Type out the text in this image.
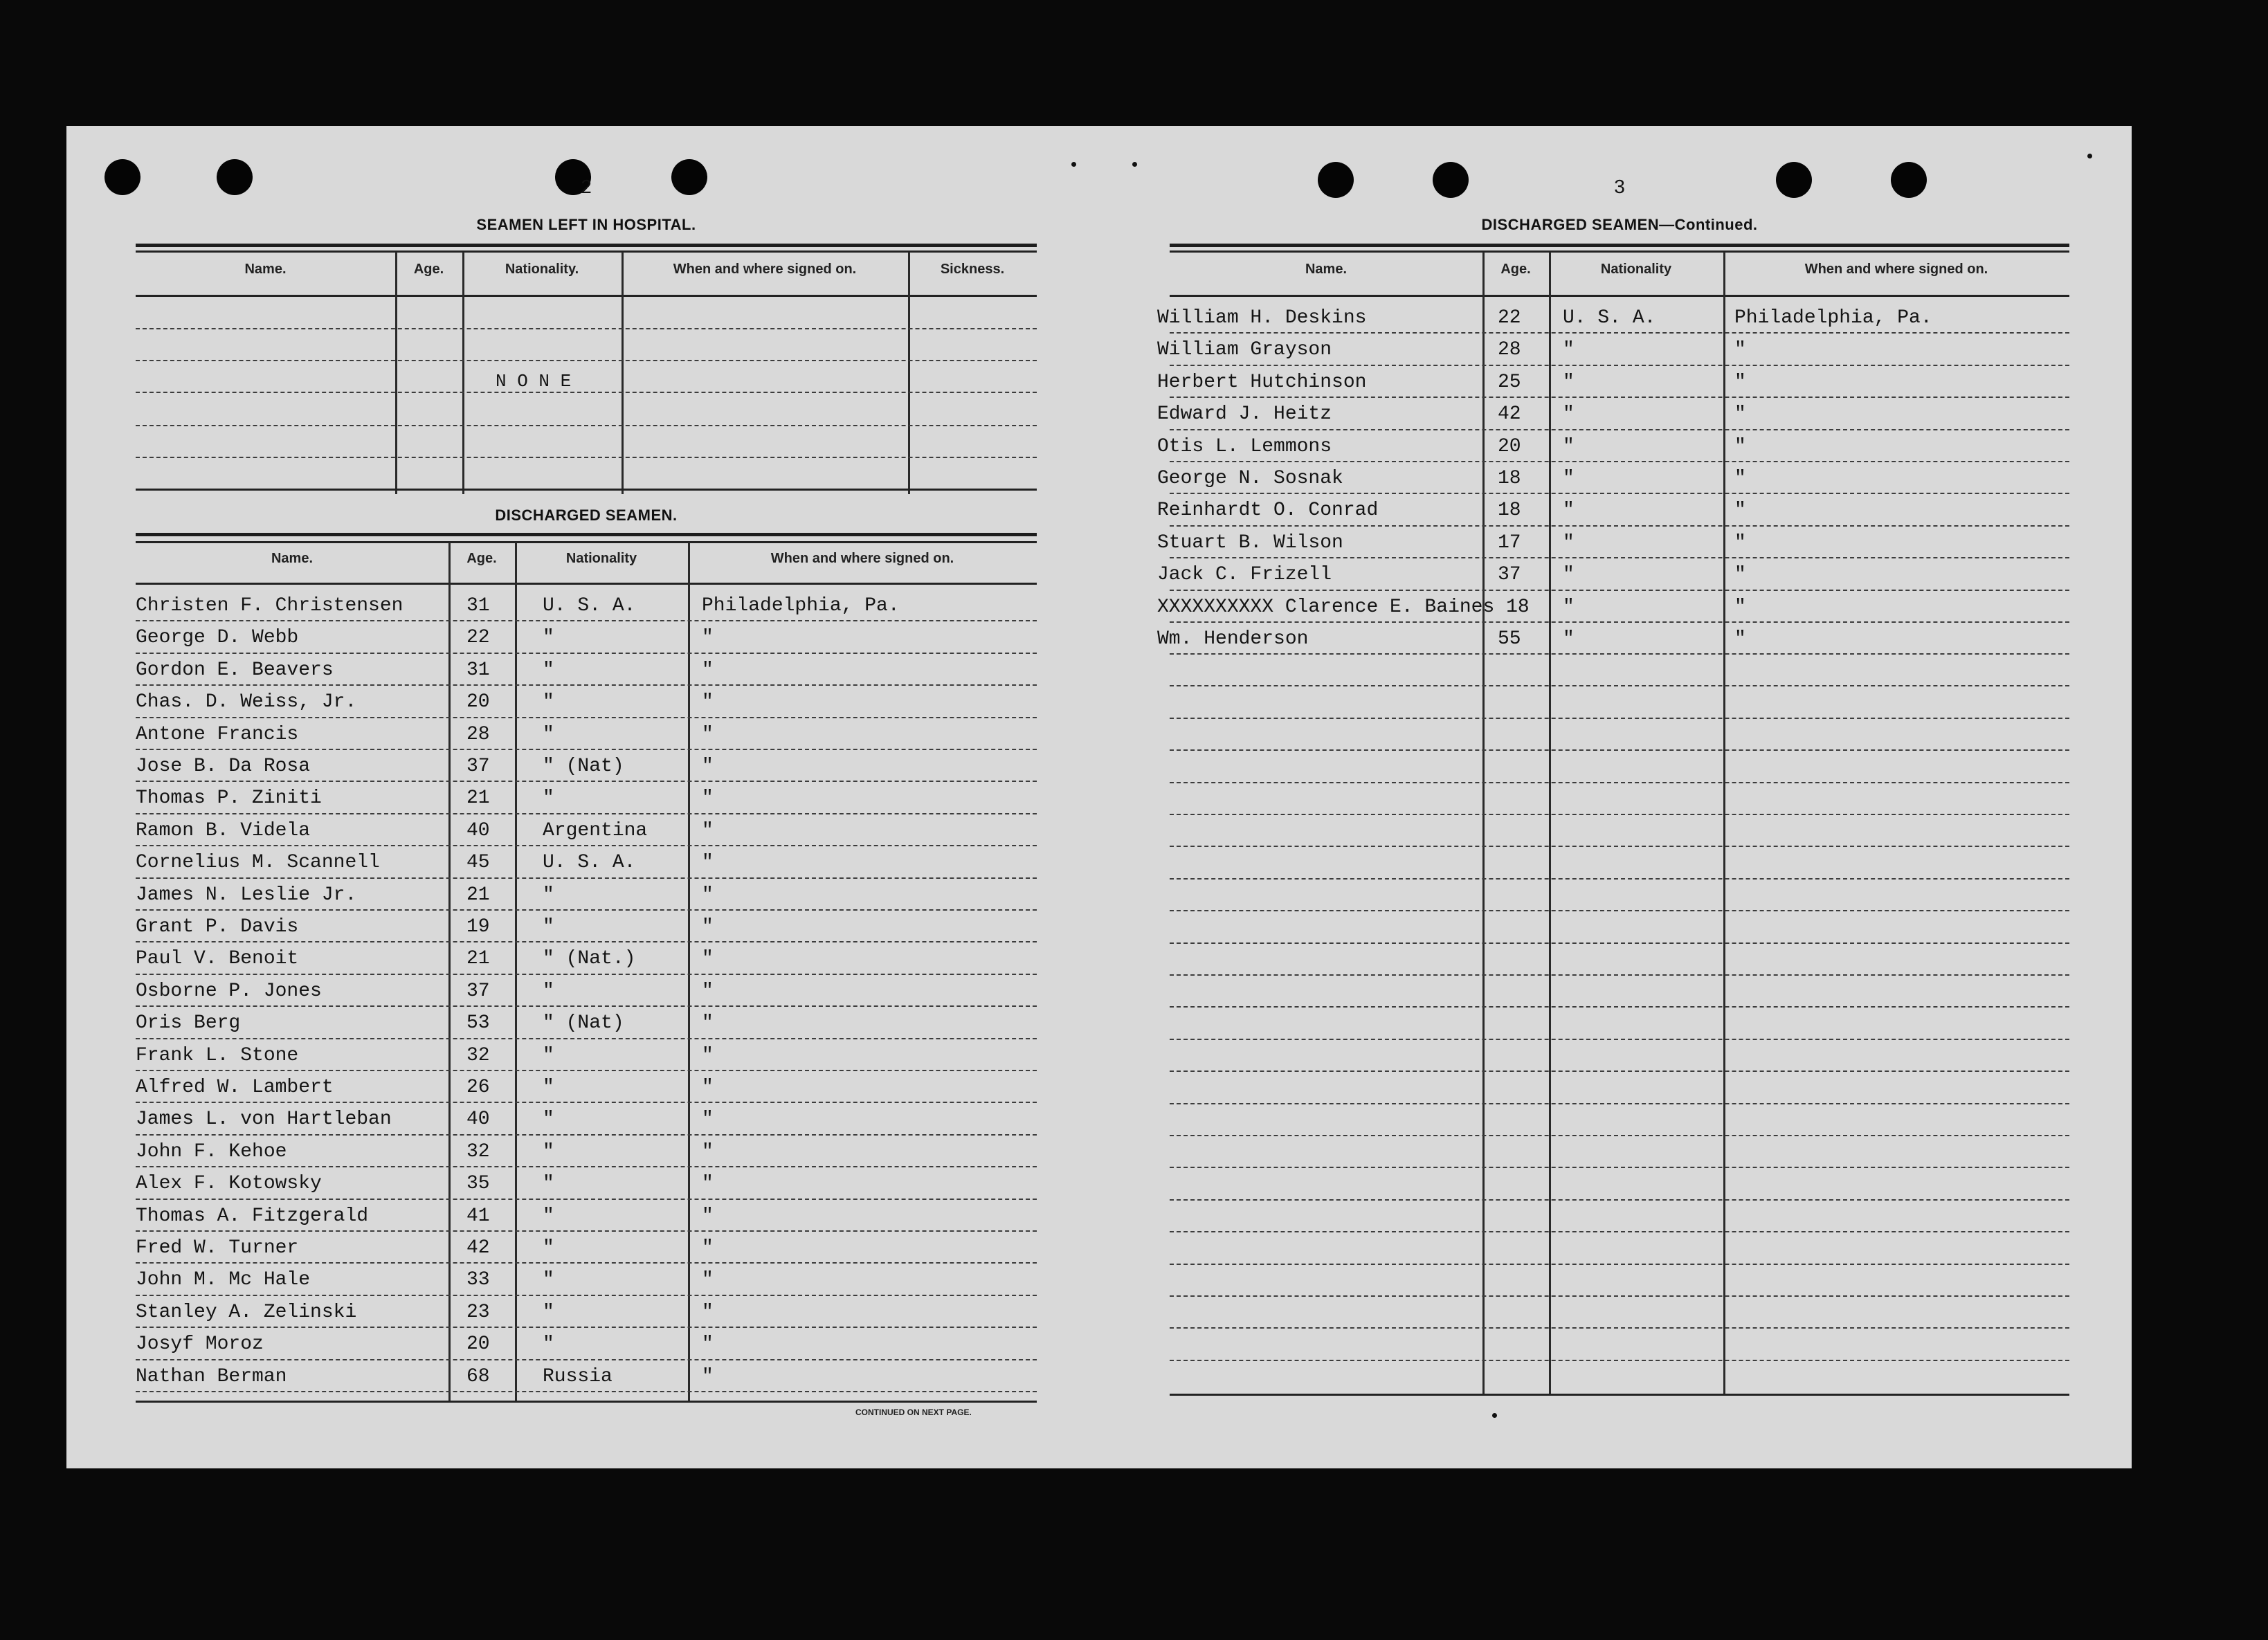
2
SEAMEN LEFT IN HOSPITAL.
Name.	Age.	Nationality.	When and where signed on.	Sickness.
N O N E
DISCHARGED SEAMEN.
Name.	Age.	Nationality	When and where signed on.
CONTINUED ON NEXT PAGE.
Christen F. Christensen	31	U. S. A.	Philadelphia, Pa.
George D. Webb	22	"	"
Gordon E. Beavers	31	"	"
Chas. D. Weiss, Jr.	20	"	"
Antone Francis	28	"	"
Jose B. Da Rosa	37	" (Nat)	"
Thomas P. Ziniti	21	"	"
Ramon B. Videla	40	Argentina	"
Cornelius M. Scannell	45	U. S. A.	"
James N. Leslie Jr.	21	"	"
Grant P. Davis	19	"	"
Paul V. Benoit	21	" (Nat.)	"
Osborne P. Jones	37	"	"
Oris Berg	53	" (Nat)	"
Frank L. Stone	32	"	"
Alfred W. Lambert	26	"	"
James L. von Hartleban	40	"	"
John F. Kehoe	32	"	"
Alex F. Kotowsky	35	"	"
Thomas A. Fitzgerald	41	"	"
Fred W. Turner	42	"	"
John M. Mc Hale	33	"	"
Stanley A. Zelinski	23	"	"
Josyf Moroz	20	"	"
Nathan Berman	68	Russia	"
3
DISCHARGED SEAMEN—Continued.
Name.	Age.	Nationality	When and where signed on.
William H. Deskins	22 U. S. A.	Philadelphia, Pa.
William Grayson	28 "	"
Herbert Hutchinson	25 "	"
Edward J. Heitz	42 "	"
Otis L. Lemmons	20 "	"
George N. Sosnak	18 "	"
Reinhardt O. Conrad	18 "	"
Stuart B. Wilson	17 "	"
Jack C. Frizell	37 "	"
XXXXXXXXXX Clarence E. Baines 18 "	"
Wm. Henderson	55 "	"
